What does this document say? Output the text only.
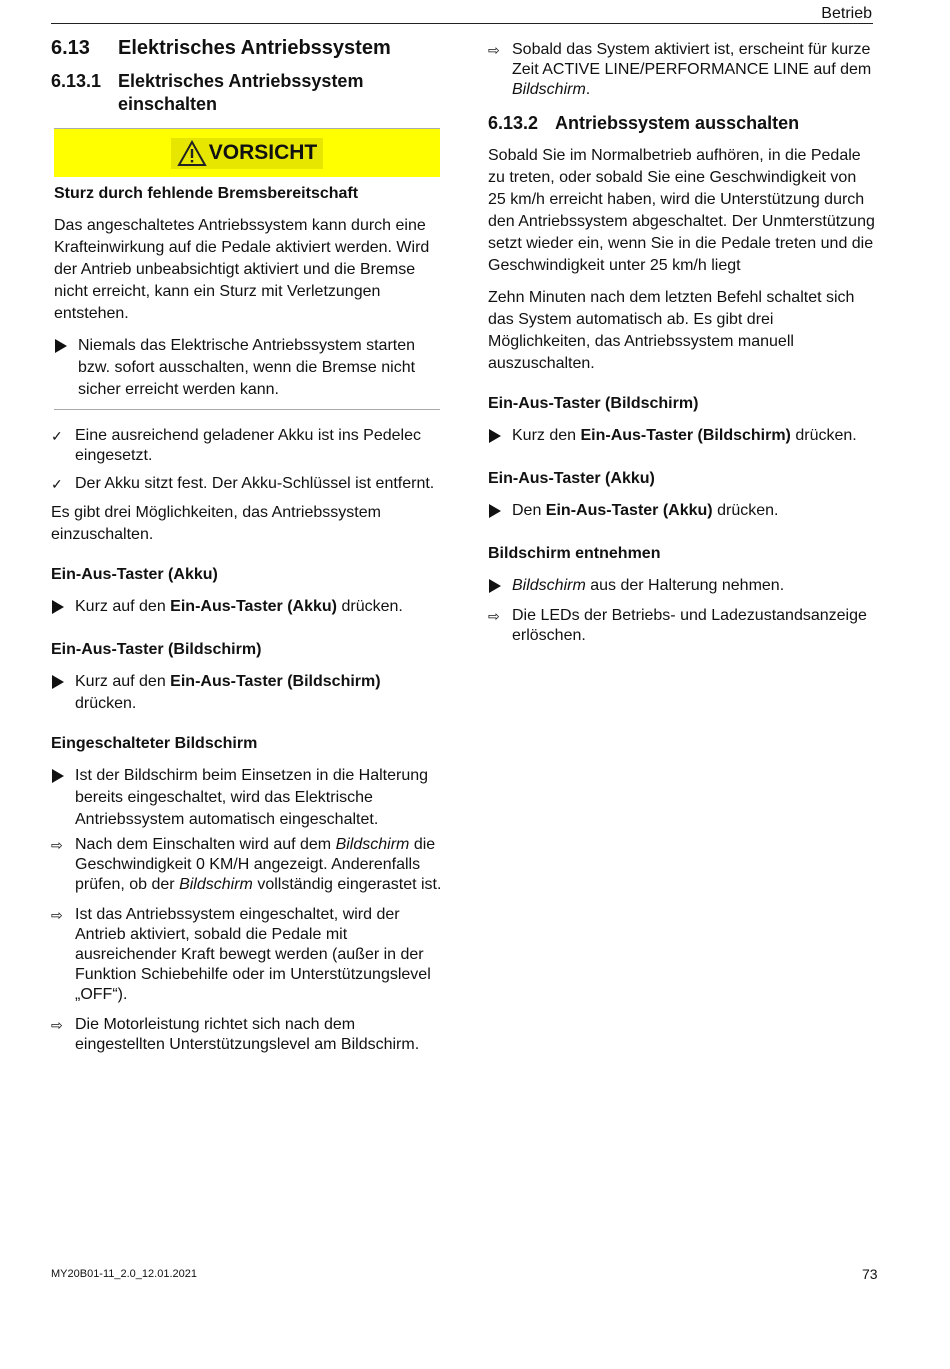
Betrieb
6.13	Elektrisches Antriebssystem
6.13.1 Elektrisches Antriebssystem
einschalten
VORSICHT

Sturz durch fehlende Bremsbereitschaft

Das angeschaltetes Antriebssystem kann durch eine Krafteinwirkung auf die Pedale aktiviert werden. Wird der Antrieb unbeabsichtigt aktiviert und die Bremse nicht erreicht, kann ein Sturz mit Verletzungen entstehen.

Niemals das Elektrische Antriebssystem starten bzw. sofort ausschalten, wenn die Bremse nicht sicher erreicht werden kann.
✓ Eine ausreichend geladener Akku ist ins Pedelec eingesetzt.
✓ Der Akku sitzt fest. Der Akku-Schlüssel ist entfernt.

Es gibt drei Möglichkeiten, das Antriebssystem einzuschalten.

Ein-Aus-Taster (Akku)
Kurz auf den Ein-Aus-Taster (Akku) drücken.
Ein-Aus-Taster (Bildschirm)
Kurz auf den Ein-Aus-Taster (Bildschirm) drücken.
Eingeschalteter Bildschirm
Ist der Bildschirm beim Einsetzen in die Halterung bereits eingeschaltet, wird das Elektrische Antriebssystem automatisch eingeschaltet.
⇨ Nach dem Einschalten wird auf dem Bildschirm die Geschwindigkeit 0 KM/H angezeigt. Anderenfalls prüfen, ob der Bildschirm vollständig eingerastet ist.
⇨ Ist das Antriebssystem eingeschaltet, wird der Antrieb aktiviert, sobald die Pedale mit ausreichender Kraft bewegt werden (außer in der Funktion Schiebehilfe oder im Unterstützungslevel „OFF“).
⇨ Die Motorleistung richtet sich nach dem eingestellten Unterstützungslevel am Bildschirm.
⇨ Sobald das System aktiviert ist, erscheint für kurze Zeit ACTIVE LINE/PERFORMANCE LINE auf dem Bildschirm.
6.13.2 Antriebssystem ausschalten

Sobald Sie im Normalbetrieb aufhören, in die Pedale zu treten, oder sobald Sie eine Geschwindigkeit von 25 km/h erreicht haben, wird die Unterstützung durch den Antriebssystem abgeschaltet. Der Unmterstützung setzt wieder ein, wenn Sie in die Pedale treten und die Geschwindigkeit unter 25 km/h liegt

Zehn Minuten nach dem letzten Befehl schaltet sich das System automatisch ab. Es gibt drei Möglichkeiten, das Antriebssystem manuell auszuschalten.

Ein-Aus-Taster (Bildschirm)
Kurz den Ein-Aus-Taster (Bildschirm) drücken.
Ein-Aus-Taster (Akku)
Den Ein-Aus-Taster (Akku) drücken.
Bildschirm entnehmen
Bildschirm aus der Halterung nehmen.
⇨ Die LEDs der Betriebs- und Ladezustandsanzeige erlöschen.
MY20B01-11_2.0_12.01.2021	73
